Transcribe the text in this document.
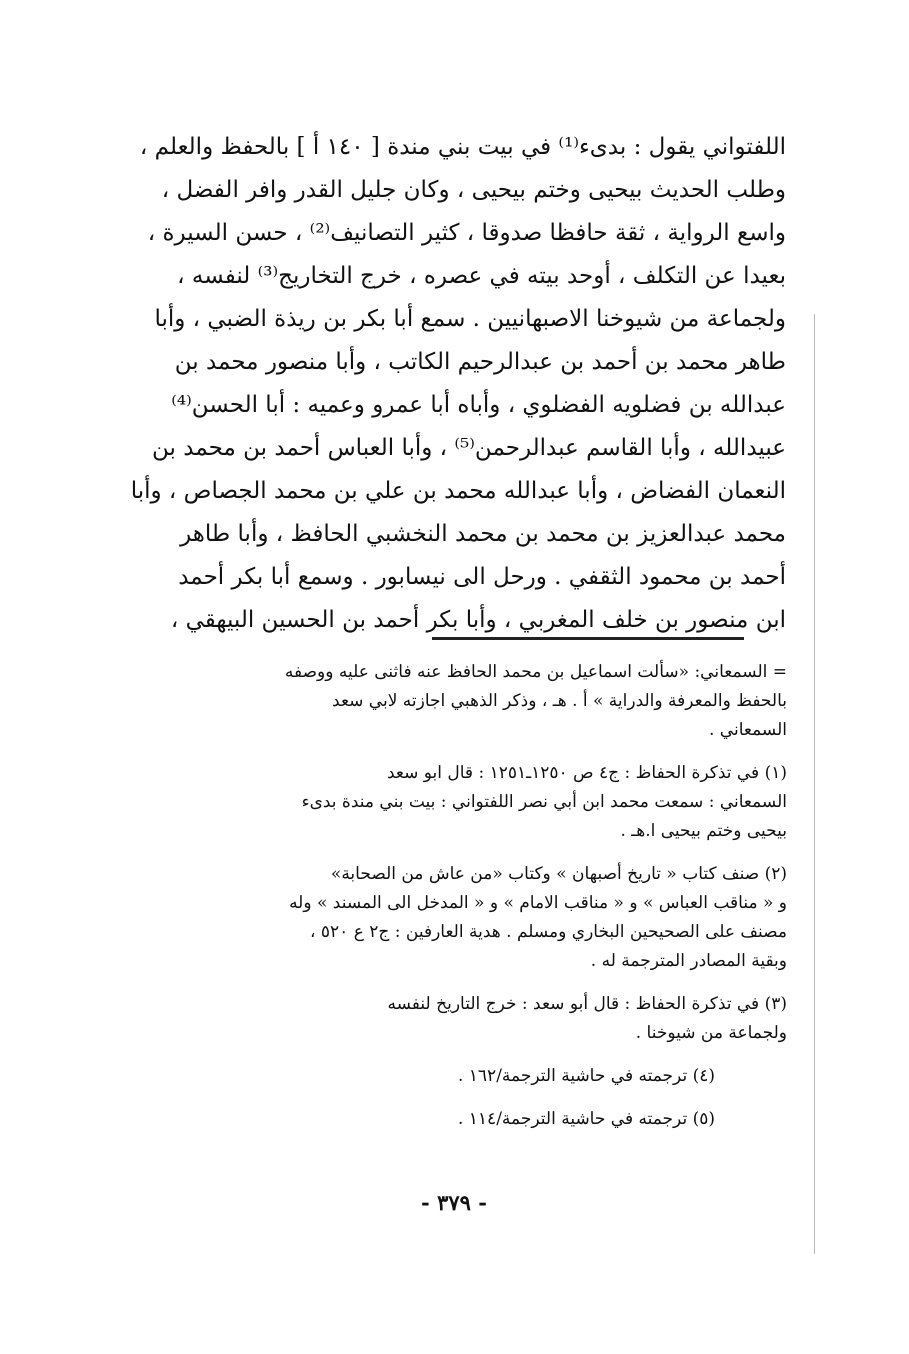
اللفتواني يقول : بدىء⁽¹⁾ في بيت بني مندة [ ١٤٠ أ ] بالحفظ والعلم ،
وطلب الحديث بيحيى وختم بيحيى ، وكان جليل القدر وافر الفضل ،
واسع الرواية ، ثقة حافظا صدوقا ، كثير التصانيف⁽²⁾ ، حسن السيرة ،
بعيدا عن التكلف ، أوحد بيته في عصره ، خرج التخاريج⁽³⁾ لنفسه ،
ولجماعة من شيوخنا الاصبهانيين . سمع أبا بكر بن ريذة الضبي ، وأبا
طاهر محمد بن أحمد بن عبدالرحيم الكاتب ، وأبا منصور محمد بن
عبدالله بن فضلويه الفضلوي ، وأباه أبا عمرو وعميه : أبا الحسن⁽⁴⁾
عبيدالله ، وأبا القاسم عبدالرحمن⁽⁵⁾ ، وأبا العباس أحمد بن محمد بن
النعمان الفضاض ، وأبا عبدالله محمد بن علي بن محمد الجصاص ، وأبا
محمد عبدالعزيز بن محمد بن محمد النخشبي الحافظ ، وأبا طاهر
أحمد بن محمود الثقفي . ورحل الى نيسابور . وسمع أبا بكر أحمد
ابن منصور بن خلف المغربي ، وأبا بكر أحمد بن الحسين البيهقي ،
= السمعاني: «سألت اسماعيل بن محمد الحافظ عنه فاثنى عليه ووصفه
بالحفظ والمعرفة والدراية » أ . هـ ، وذكر الذهبي اجازته لابي سعد
السمعاني .
(١) في تذكرة الحفاظ : ج٤ ص ١٢٥٠ـ١٢٥١ : قال ابو سعد
السمعاني : سمعت محمد ابن أبي نصر اللفتواني : بيت بني مندة بدىء
بيحيى وختم بيحيى ا.هـ .
(٢) صنف كتاب « تاريخ أصبهان » وكتاب «من عاش من الصحابة»
و « مناقب العباس » و « مناقب الامام » و « المدخل الى المسند » وله
مصنف على الصحيحين البخاري ومسلم . هدية العارفين : ج٢ ع ٥٢٠ ،
وبقية المصادر المترجمة له .
(٣) في تذكرة الحفاظ : قال أبو سعد : خرج التاريخ لنفسه
ولجماعة من شيوخنا .
(٤) ترجمته في حاشية الترجمة/١٦٢ .
(٥) ترجمته في حاشية الترجمة/١١٤ .
- ٣٧٩ -
